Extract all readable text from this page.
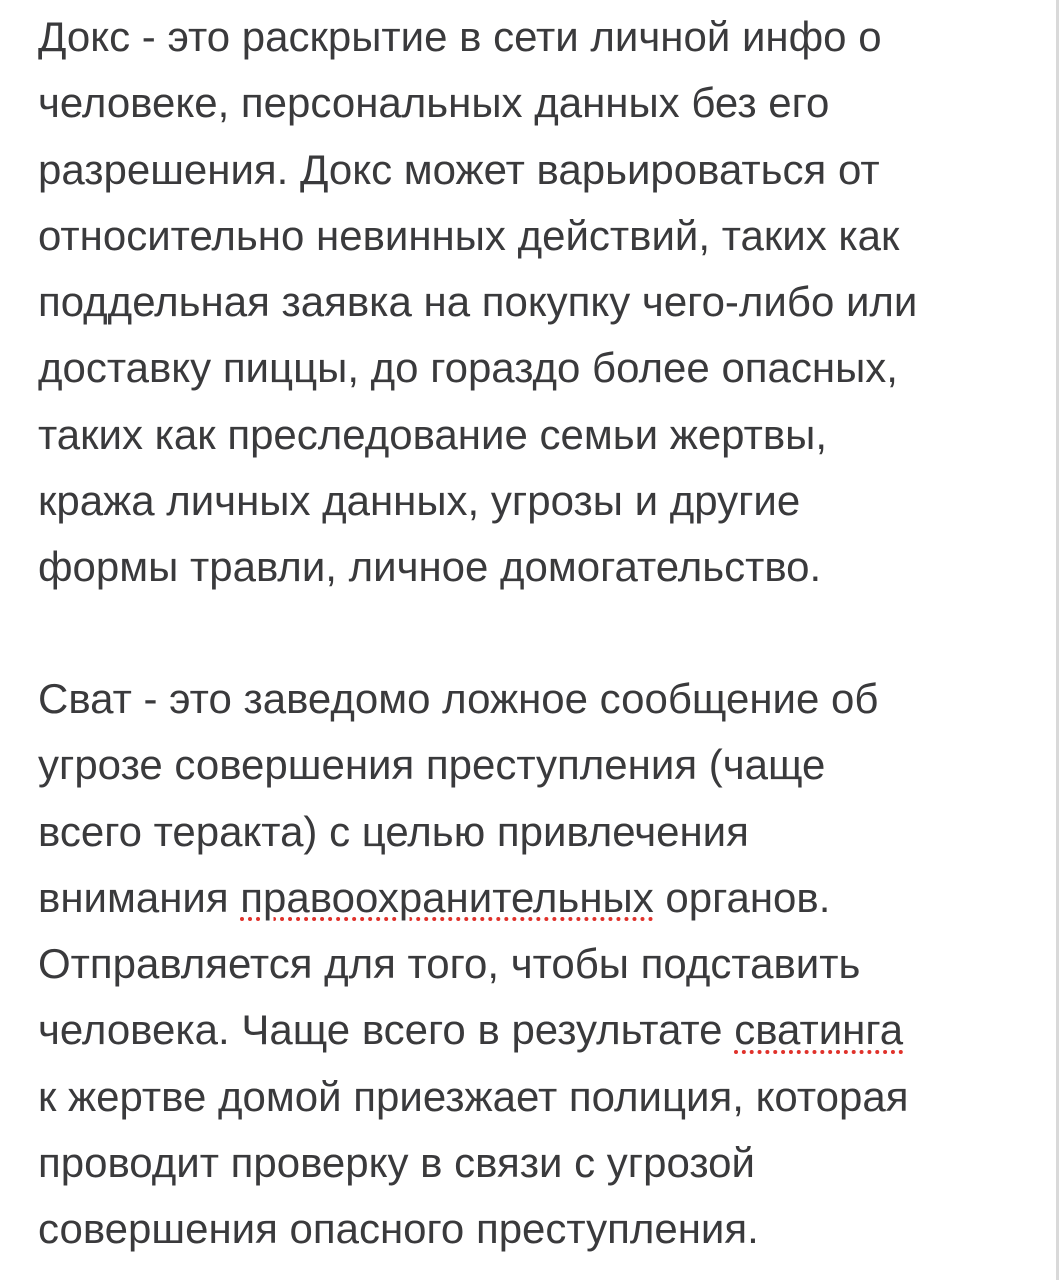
Докс - это раскрытие в сети личной инфо о
человеке, персональных данных без его
разрешения. Докс может варьироваться от
относительно невинных действий, таких как
поддельная заявка на покупку чего-либо или
доставку пиццы, до гораздо более опасных,
таких как преследование семьи жертвы,
кража личных данных, угрозы и другие
формы травли, личное домогательство.

Сват - это заведомо ложное сообщение об
угрозе совершения преступления (чаще
всего теракта) с целью привлечения
внимания правоохранительных органов.
Отправляется для того, чтобы подставить
человека. Чаще всего в результате сватинга
к жертве домой приезжает полиция, которая
проводит проверку в связи с угрозой
совершения опасного преступления.
